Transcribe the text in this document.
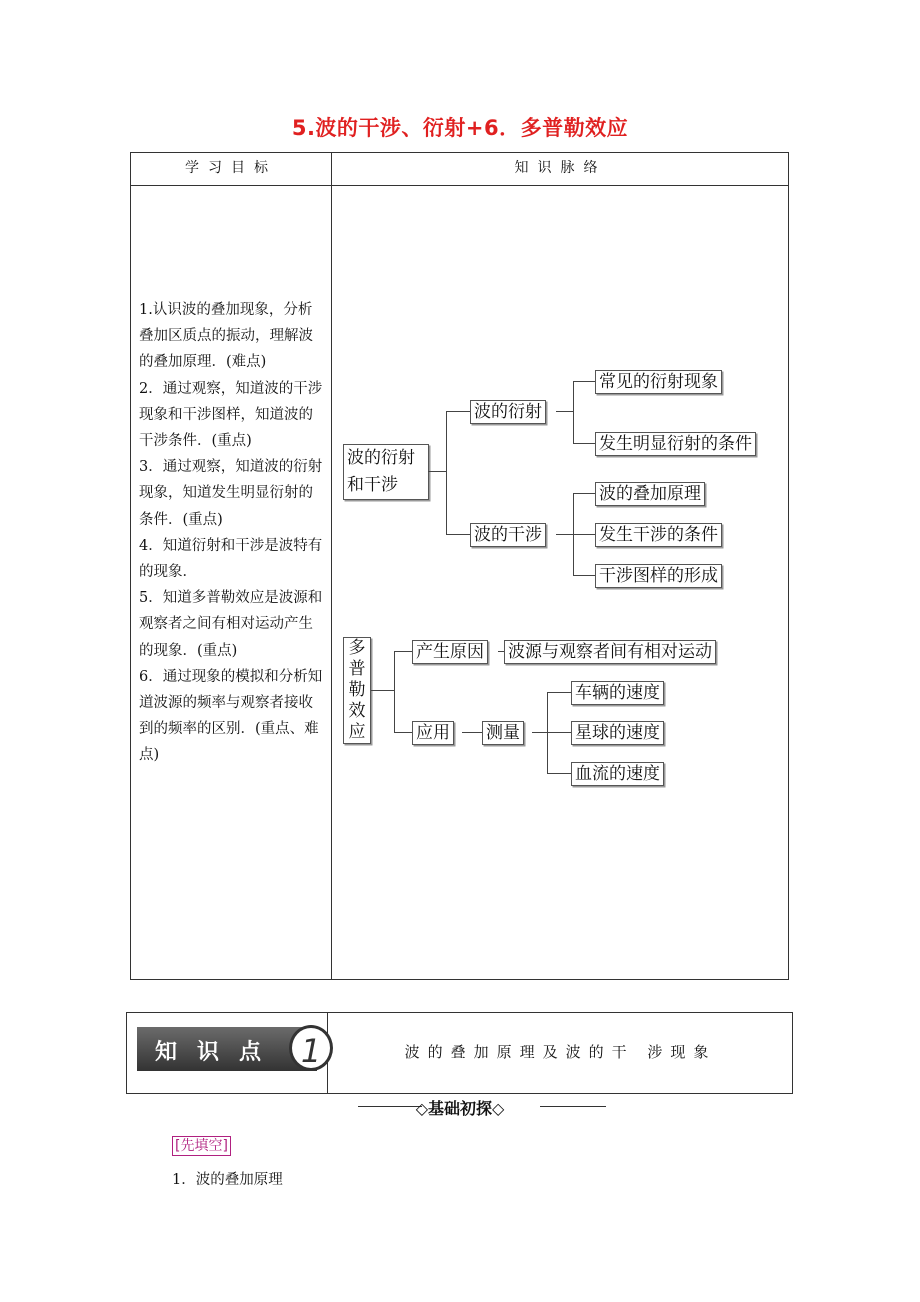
5.波的干涉、衍射+6．多普勒效应
学习目标	知识脉络

1.认识波的叠加现象，分析叠加区质点的振动，理解波的叠加原理．(难点)

2．通过观察，知道波的干涉现象和干涉图样，知道波的干涉条件．(重点)

3．通过观察，知道波的衍射现象，知道发生明显衍射的条件．(重点)

4．知道衍射和干涉是波特有的现象．

5．知道多普勒效应是波源和观察者之间有相对运动产生的现象．(重点)

6．通过现象的模拟和分析知道波源的频率与观察者接收到的频率的区别．(重点、难点)

波的衍射和干涉
波的衍射
常见的衍射现象
发生明显衍射的条件
波的干涉
波的叠加原理
发生干涉的条件
干涉图样的形成
多普勒效应
产生原因 波源与观察者间有相对运动
应用 测量
车辆的速度
星球的速度
血流的速度
知识点 1	波的叠加原理及波的干 涉现象
◇基础初探◇
[先填空]
1．波的叠加原理
